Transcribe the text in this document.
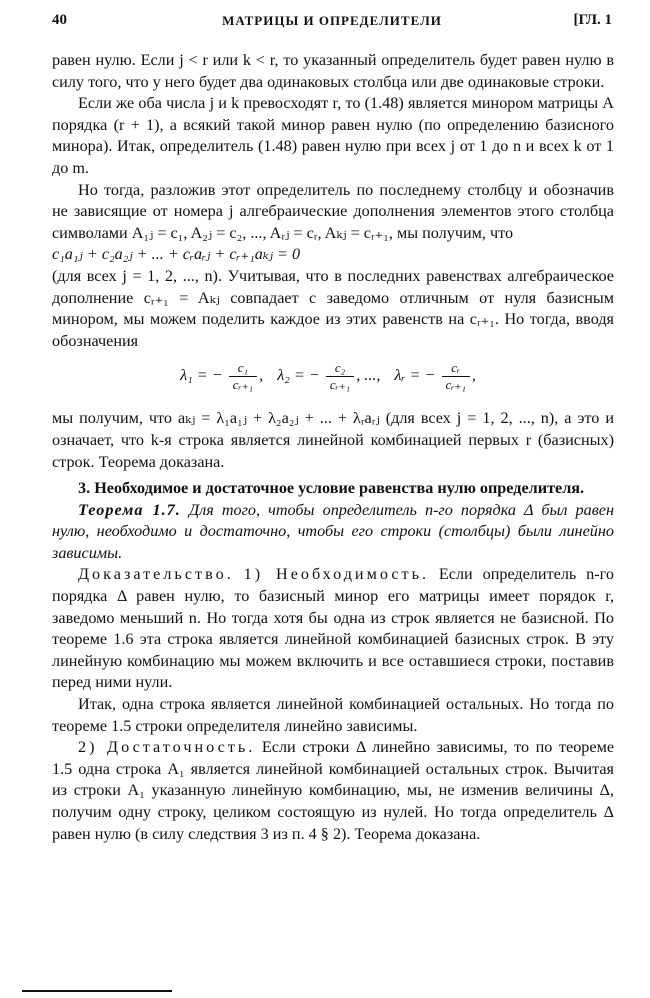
40	МАТРИЦЫ И ОПРЕДЕЛИТЕЛИ	[ГЛ. 1

равен нулю. Если j < r или k < r, то указанный определитель будет равен нулю в силу того, что у него будет два одинаковых столбца или две одинаковые строки.

Если же оба числа j и k превосходят r, то (1.48) является минором матрицы A порядка (r + 1), а всякий такой минор равен нулю (по определению базисного минора). Итак, определитель (1.48) равен нулю при всех j от 1 до n и всех k от 1 до m.

Но тогда, разложив этот определитель по последнему столбцу и обозначив не зависящие от номера j алгебраические дополнения элементов этого столбца символами A₁ⱼ = c₁, A₂ⱼ = c₂, ..., Aᵣⱼ = cᵣ, Aₖⱼ = cᵣ₊₁, мы получим, что

c₁a₁ⱼ + c₂a₂ⱼ + ... + cᵣaᵣⱼ + cᵣ₊₁aₖⱼ = 0

(для всех j = 1, 2, ..., n). Учитывая, что в последних равенствах алгебраическое дополнение cᵣ₊₁ = Aₖⱼ совпадает с заведомо отличным от нуля базисным минором, мы можем поделить каждое из этих равенств на cᵣ₊₁. Но тогда, вводя обозначения

λ₁ = − $\frac{\text{c₁}}{\text{cᵣ₊₁}}$ , λ₂ = − $\frac{\text{c₂}}{\text{cᵣ₊₁}}$ , ..., λᵣ = − $\frac{\text{cᵣ}}{\text{cᵣ₊₁}}$ ,

мы получим, что aₖⱼ = λ₁a₁ⱼ + λ₂a₂ⱼ + ... + λᵣaᵣⱼ (для всех j = 1, 2, ..., n), а это и означает, что k-я строка является линейной комбинацией первых r (базисных) строк. Теорема доказана.

3. Необходимое и достаточное условие равенства нулю определителя.

Теорема 1.7. Для того, чтобы определитель n-го порядка Δ был равен нулю, необходимо и достаточно, чтобы его строки (столбцы) были линейно зависимы.

Доказательство. 1) Необходимость. Если определитель n-го порядка Δ равен нулю, то базисный минор его матрицы имеет порядок r, заведомо меньший n. Но тогда хотя бы одна из строк является не базисной. По теореме 1.6 эта строка является линейной комбинацией базисных строк. В эту линейную комбинацию мы можем включить и все оставшиеся строки, поставив перед ними нули.

Итак, одна строка является линейной комбинацией остальных. Но тогда по теореме 1.5 строки определителя линейно зависимы.

2) Достаточность. Если строки Δ линейно зависимы, то по теореме 1.5 одна строка A₁ является линейной комбинацией остальных строк. Вычитая из строки A₁ указанную линейную комбинацию, мы, не изменив величины Δ, получим одну строку, целиком состоящую из нулей. Но тогда определитель Δ равен нулю (в силу следствия 3 из п. 4 § 2). Теорема доказана.
